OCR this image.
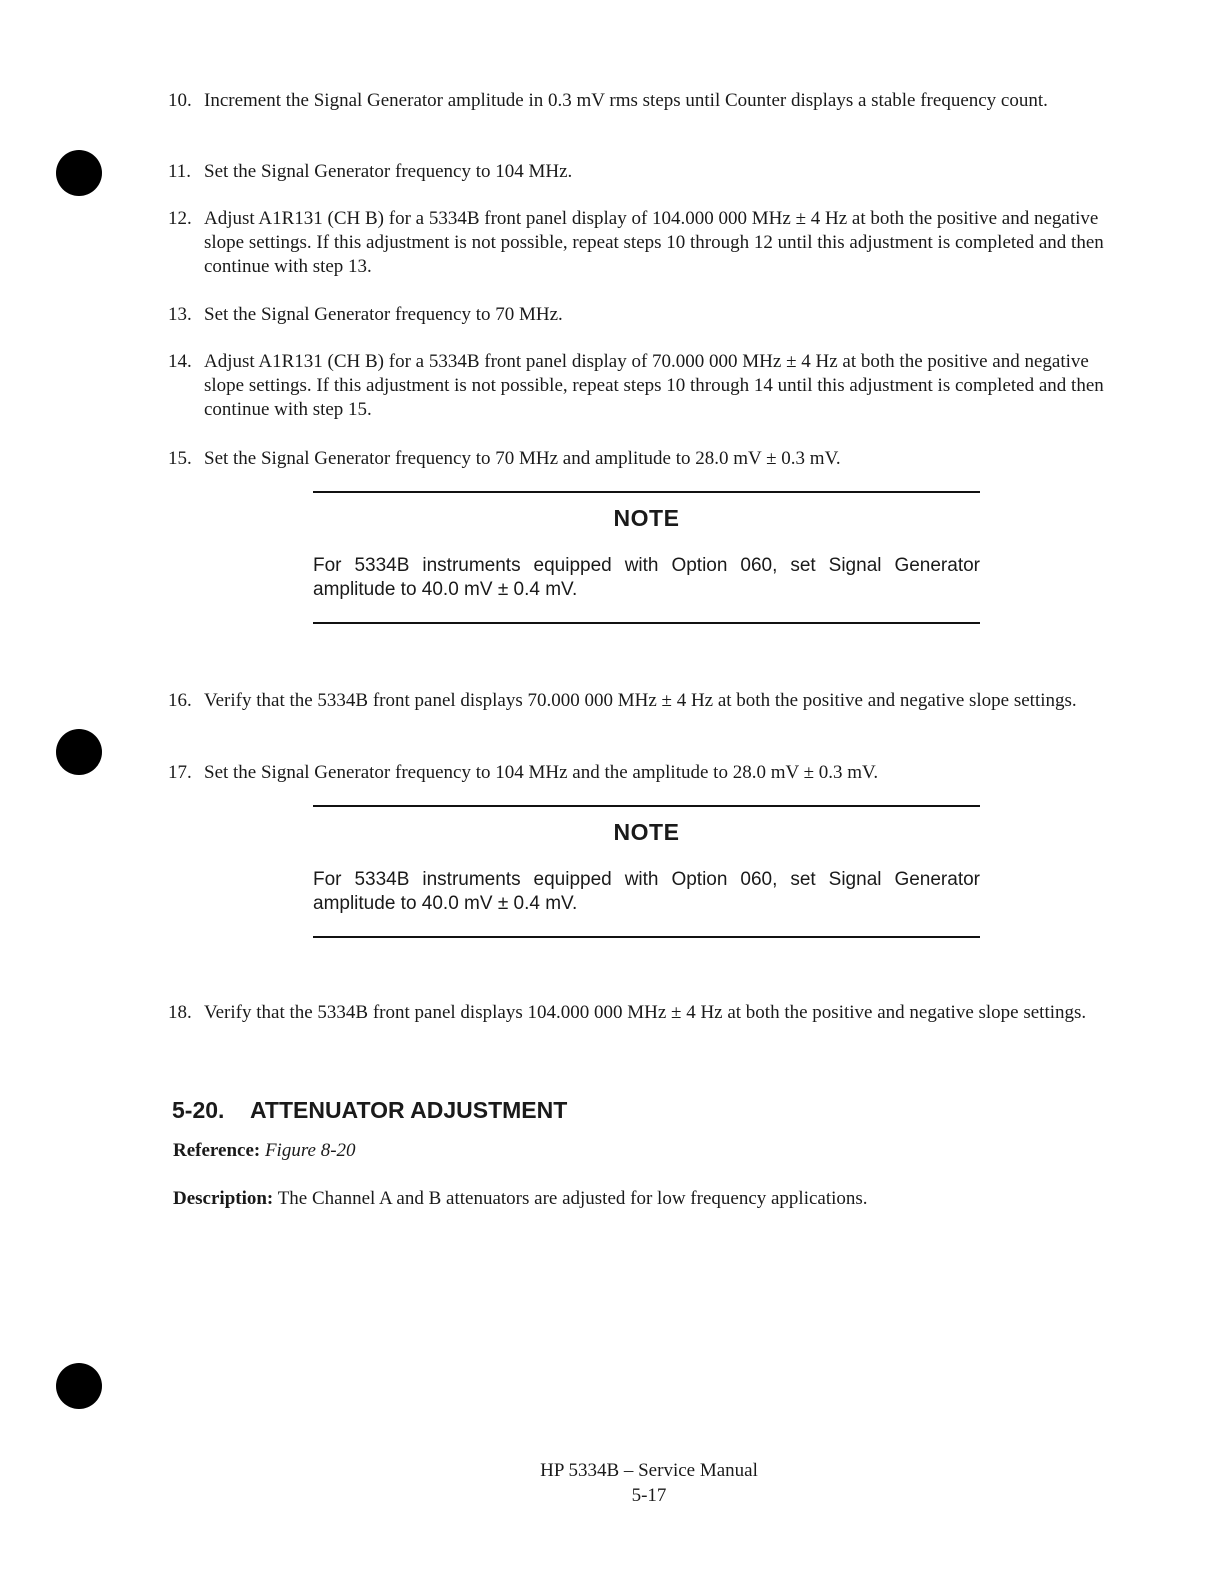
10. Increment the Signal Generator amplitude in 0.3 mV rms steps until Counter displays a stable frequency count.
11. Set the Signal Generator frequency to 104 MHz.
12. Adjust A1R131 (CH B) for a 5334B front panel display of 104.000 000 MHz ± 4 Hz at both the positive and negative slope settings. If this adjustment is not possible, repeat steps 10 through 12 until this adjustment is completed and then continue with step 13.
13. Set the Signal Generator frequency to 70 MHz.
14. Adjust A1R131 (CH B) for a 5334B front panel display of 70.000 000 MHz ± 4 Hz at both the positive and negative slope settings. If this adjustment is not possible, repeat steps 10 through 14 until this adjustment is completed and then continue with step 15.
15. Set the Signal Generator frequency to 70 MHz and amplitude to 28.0 mV ± 0.3 mV.
NOTE
For 5334B instruments equipped with Option 060, set Signal Generator amplitude to 40.0 mV ± 0.4 mV.
16. Verify that the 5334B front panel displays 70.000 000 MHz ± 4 Hz at both the positive and negative slope settings.
17. Set the Signal Generator frequency to 104 MHz and the amplitude to 28.0 mV ± 0.3 mV.
NOTE
For 5334B instruments equipped with Option 060, set Signal Generator amplitude to 40.0 mV ± 0.4 mV.
18. Verify that the 5334B front panel displays 104.000 000 MHz ± 4 Hz at both the positive and negative slope settings.
5-20. ATTENUATOR ADJUSTMENT
Reference: Figure 8-20
Description: The Channel A and B attenuators are adjusted for low frequency applications.
HP 5334B – Service Manual
5-17
